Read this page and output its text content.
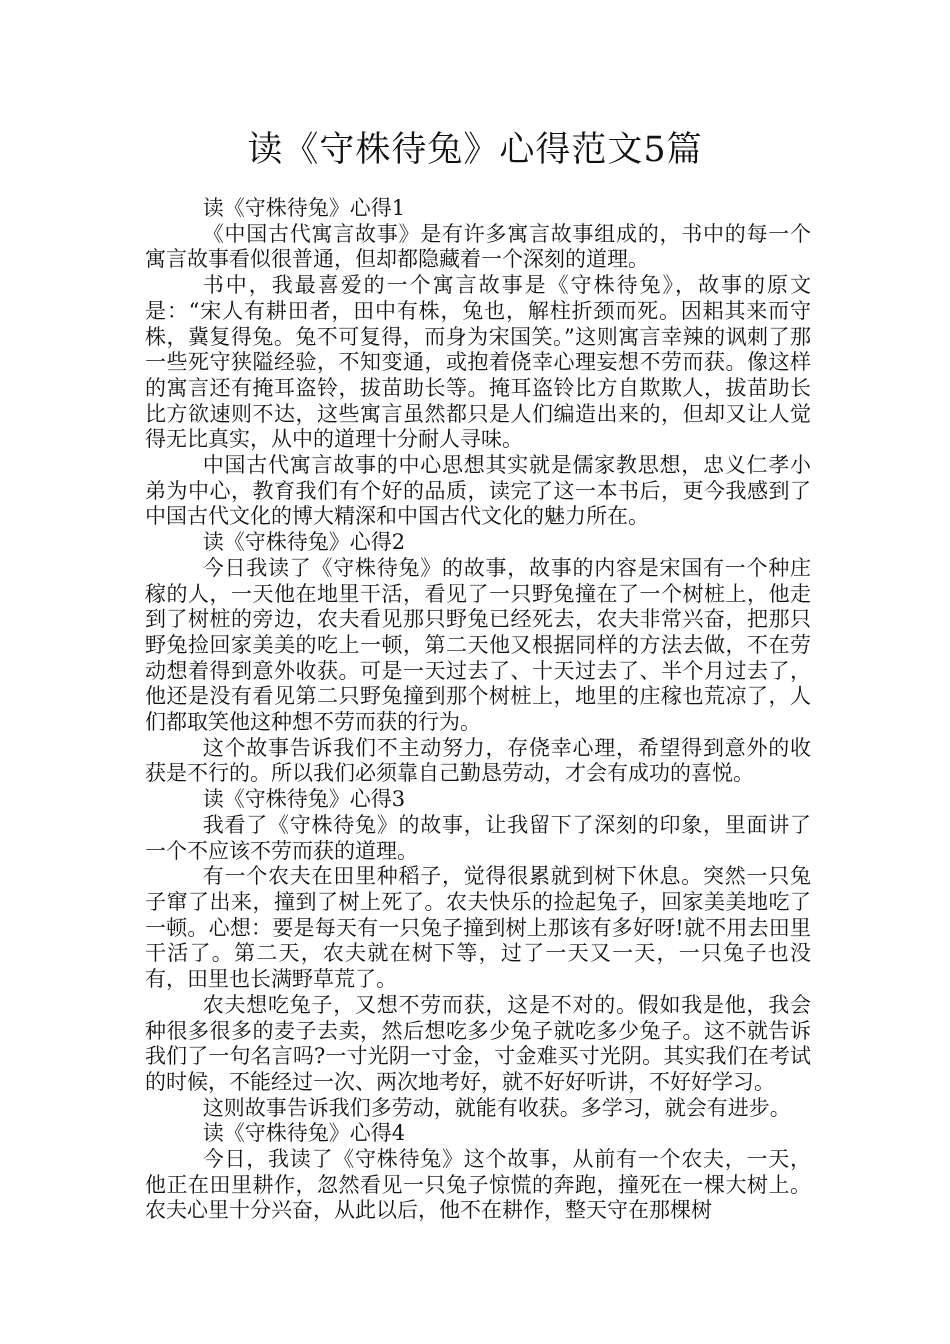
读《守株待兔》心得范文5篇

读《守株待兔》心得1

《中国古代寓言故事》是有许多寓言故事组成的，书中的每一个寓言故事看似很普通，但却都隐藏着一个深刻的道理。

书中，我最喜爱的一个寓言故事是《守株待兔》，故事的原文是：“宋人有耕田者，田中有株，兔也，解柱折颈而死。因耜其来而守株，冀复得兔。兔不可复得，而身为宋国笑。”这则寓言幸辣的讽刺了那一些死守狭隘经验，不知变通，或抱着侥幸心理妄想不劳而获。像这样的寓言还有掩耳盗铃，拔苗助长等。掩耳盗铃比方自欺欺人，拔苗助长比方欲速则不达，这些寓言虽然都只是人们编造出来的，但却又让人觉得无比真实，从中的道理十分耐人寻味。

中国古代寓言故事的中心思想其实就是儒家教思想，忠义仁孝小弟为中心，教育我们有个好的品质，读完了这一本书后，更今我感到了中国古代文化的博大精深和中国古代文化的魅力所在。

读《守株待兔》心得2

今日我读了《守株待兔》的故事，故事的内容是宋国有一个种庄稼的人，一天他在地里干活，看见了一只野兔撞在了一个树桩上，他走到了树桩的旁边，农夫看见那只野兔已经死去，农夫非常兴奋，把那只野兔捡回家美美的吃上一顿，第二天他又根据同样的方法去做，不在劳动想着得到意外收获。可是一天过去了、十天过去了、半个月过去了，他还是没有看见第二只野兔撞到那个树桩上，地里的庄稼也荒凉了，人们都取笑他这种想不劳而获的行为。

这个故事告诉我们不主动努力，存侥幸心理，希望得到意外的收获是不行的。所以我们必须靠自己勤恳劳动，才会有成功的喜悦。

读《守株待兔》心得3

我看了《守株待兔》的故事，让我留下了深刻的印象，里面讲了一个不应该不劳而获的道理。

有一个农夫在田里种稻子，觉得很累就到树下休息。突然一只兔子窜了出来，撞到了树上死了。农夫快乐的捡起兔子，回家美美地吃了一顿。心想：要是每天有一只兔子撞到树上那该有多好呀!就不用去田里干活了。第二天，农夫就在树下等，过了一天又一天，一只兔子也没有，田里也长满野草荒了。

农夫想吃兔子，又想不劳而获，这是不对的。假如我是他，我会种很多很多的麦子去卖，然后想吃多少兔子就吃多少兔子。这不就告诉我们了一句名言吗?一寸光阴一寸金，寸金难买寸光阴。其实我们在考试的时候，不能经过一次、两次地考好，就不好好听讲，不好好学习。

这则故事告诉我们多劳动，就能有收获。多学习，就会有进步。

读《守株待兔》心得4

今日，我读了《守株待兔》这个故事，从前有一个农夫，一天，他正在田里耕作，忽然看见一只兔子惊慌的奔跑，撞死在一棵大树上。农夫心里十分兴奋，从此以后，他不在耕作，整天守在那棵树
